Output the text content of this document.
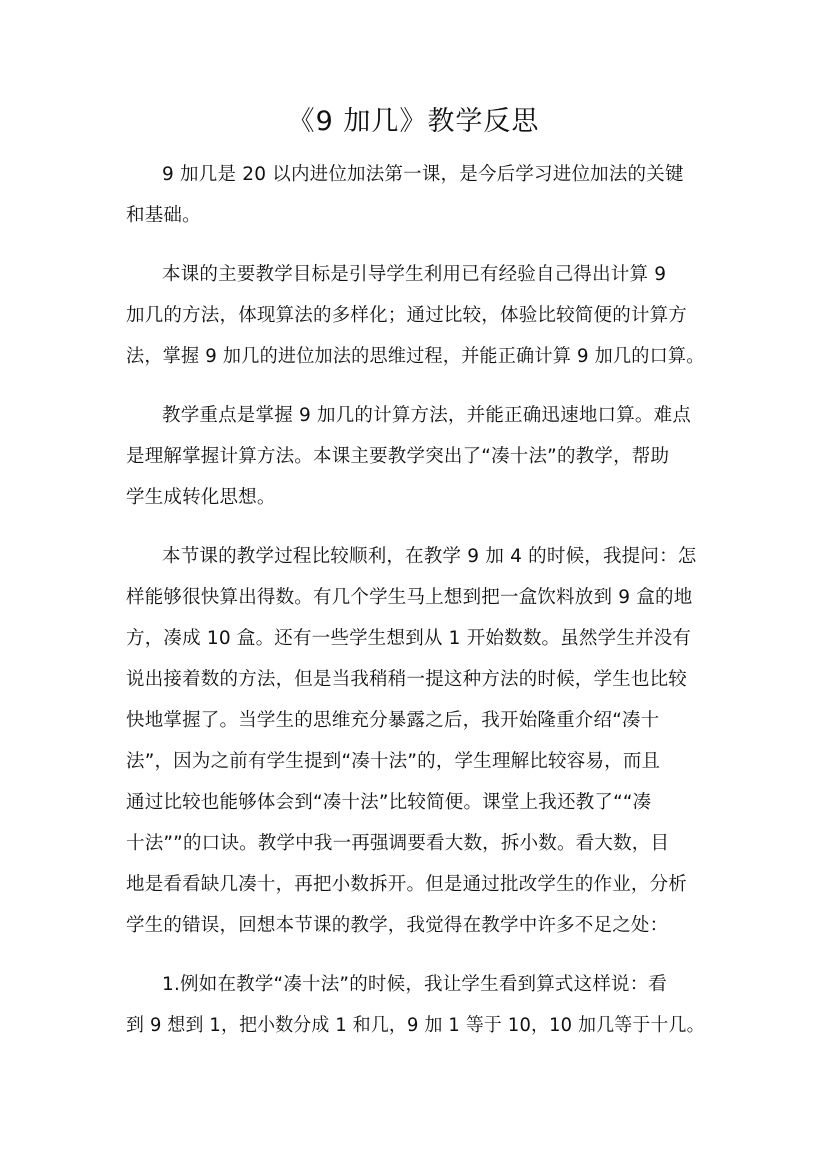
《9 加几》教学反思
9 加几是 20 以内进位加法第一课，是今后学习进位加法的关键
和基础。
本课的主要教学目标是引导学生利用已有经验自己得出计算 9
加几的方法，体现算法的多样化；通过比较，体验比较简便的计算方
法，掌握 9 加几的进位加法的思维过程，并能正确计算 9 加几的口算。
教学重点是掌握 9 加几的计算方法，并能正确迅速地口算。难点
是理解掌握计算方法。本课主要教学突出了“凑十法”的教学，帮助
学生成转化思想。
本节课的教学过程比较顺利，在教学 9 加 4 的时候，我提问：怎
样能够很快算出得数。有几个学生马上想到把一盒饮料放到 9 盒的地
方，凑成 10 盒。还有一些学生想到从 1 开始数数。虽然学生并没有
说出接着数的方法，但是当我稍稍一提这种方法的时候，学生也比较
快地掌握了。当学生的思维充分暴露之后，我开始隆重介绍“凑十
法”，因为之前有学生提到“凑十法”的，学生理解比较容易，而且
通过比较也能够体会到“凑十法”比较简便。课堂上我还教了““凑
十法””的口诀。教学中我一再强调要看大数，拆小数。看大数，目
地是看看缺几凑十，再把小数拆开。但是通过批改学生的作业，分析
学生的错误，回想本节课的教学，我觉得在教学中许多不足之处：
1.例如在教学“凑十法”的时候，我让学生看到算式这样说：看
到 9 想到 1，把小数分成 1 和几，9 加 1 等于 10，10 加几等于十几。
